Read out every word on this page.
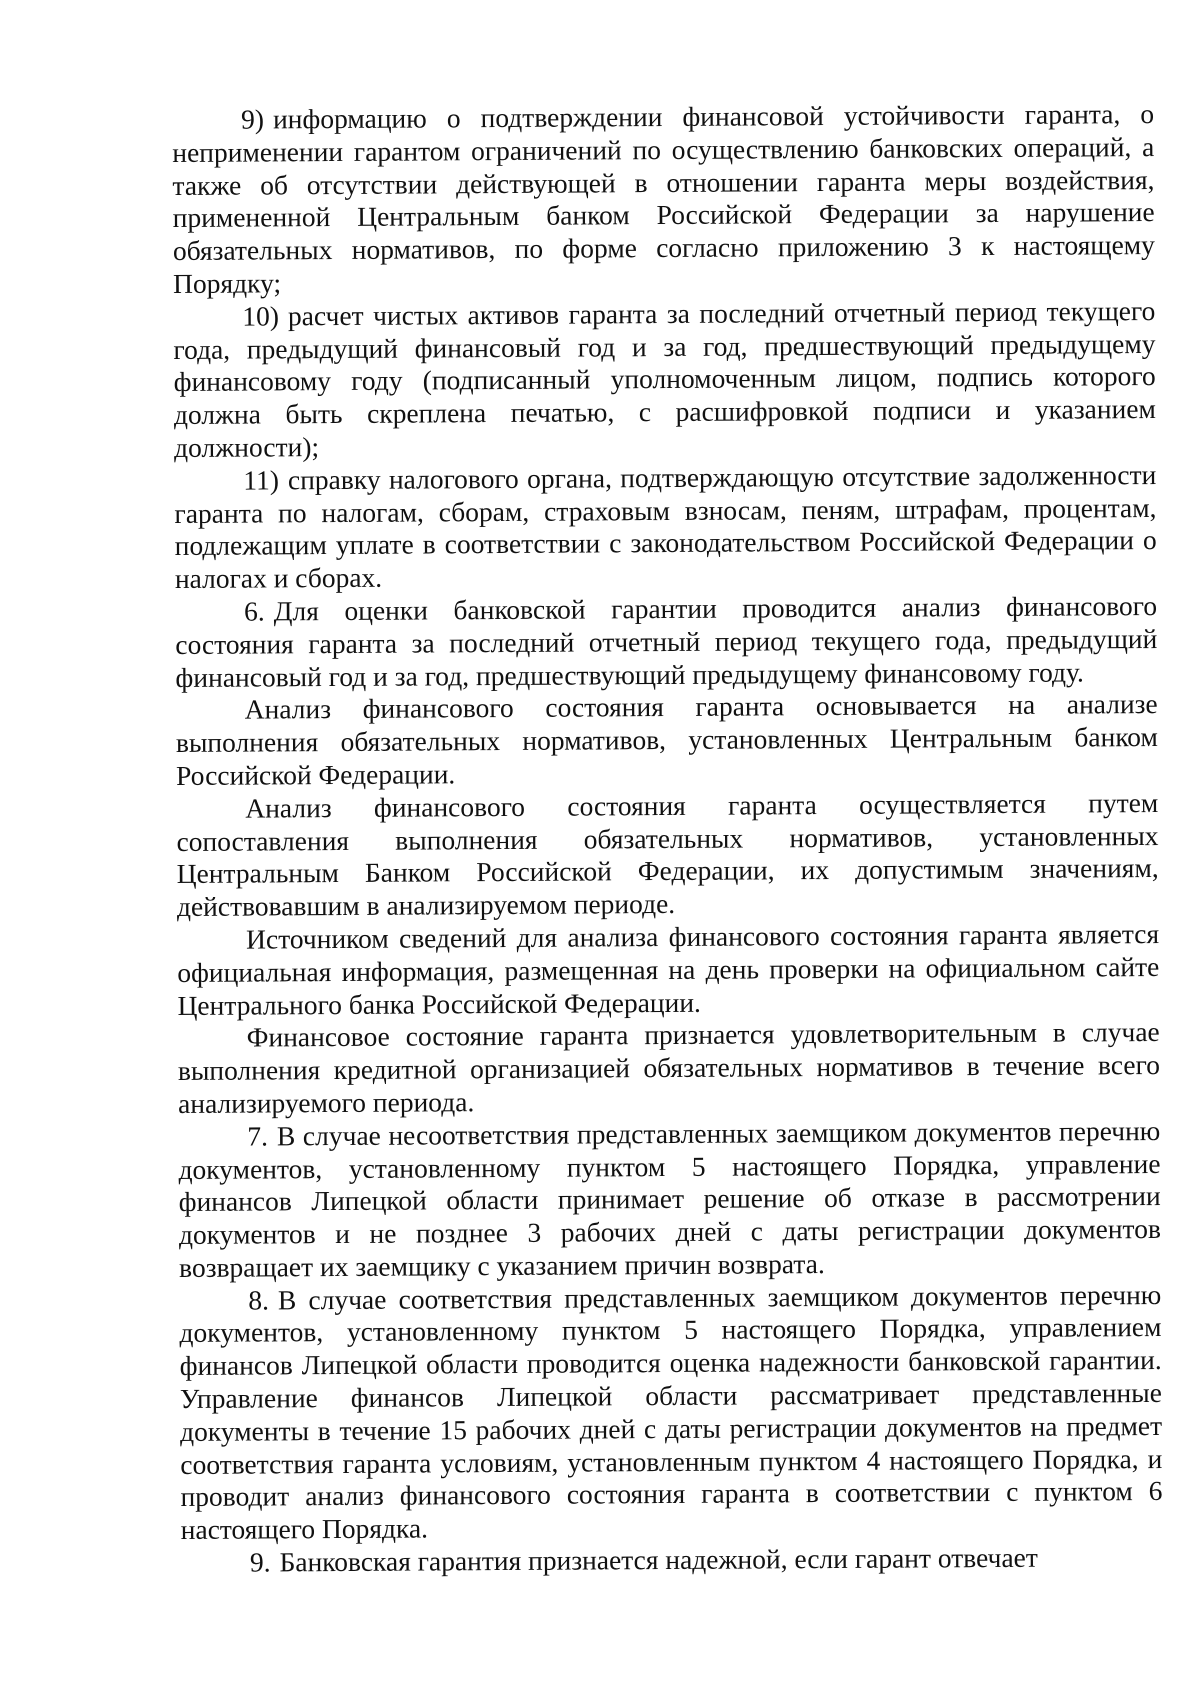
9) информацию о подтверждении финансовой устойчивости гаранта, о неприменении гарантом ограничений по осуществлению банковских операций, а также об отсутствии действующей в отношении гаранта меры воздействия, примененной Центральным банком Российской Федерации за нарушение обязательных нормативов, по форме согласно приложению 3 к настоящему Порядку;

10) расчет чистых активов гаранта за последний отчетный период текущего года, предыдущий финансовый год и за год, предшествующий предыдущему финансовому году (подписанный уполномоченным лицом, подпись которого должна быть скреплена печатью, с расшифровкой подписи и указанием должности);

11) справку налогового органа, подтверждающую отсутствие задолженности гаранта по налогам, сборам, страховым взносам, пеням, штрафам, процентам, подлежащим уплате в соответствии с законодательством Российской Федерации о налогах и сборах.

6. Для оценки банковской гарантии проводится анализ финансового состояния гаранта за последний отчетный период текущего года, предыдущий финансовый год и за год, предшествующий предыдущему финансовому году.

Анализ финансового состояния гаранта основывается на анализе выполнения обязательных нормативов, установленных Центральным банком Российской Федерации.

Анализ финансового состояния гаранта осуществляется путем сопоставления выполнения обязательных нормативов, установленных Центральным Банком Российской Федерации, их допустимым значениям, действовавшим в анализируемом периоде.

Источником сведений для анализа финансового состояния гаранта является официальная информация, размещенная на день проверки на официальном сайте Центрального банка Российской Федерации.

Финансовое состояние гаранта признается удовлетворительным в случае выполнения кредитной организацией обязательных нормативов в течение всего анализируемого периода.

7. В случае несоответствия представленных заемщиком документов перечню документов, установленному пунктом 5 настоящего Порядка, управление финансов Липецкой области принимает решение об отказе в рассмотрении документов и не позднее 3 рабочих дней с даты регистрации документов возвращает их заемщику с указанием причин возврата.

8. В случае соответствия представленных заемщиком документов перечню документов, установленному пунктом 5 настоящего Порядка, управлением финансов Липецкой области проводится оценка надежности банковской гарантии. Управление финансов Липецкой области рассматривает представленные документы в течение 15 рабочих дней с даты регистрации документов на предмет соответствия гаранта условиям, установленным пунктом 4 настоящего Порядка, и проводит анализ финансового состояния гаранта в соответствии с пунктом 6 настоящего Порядка.

9. Банковская гарантия признается надежной, если гарант отвечает
